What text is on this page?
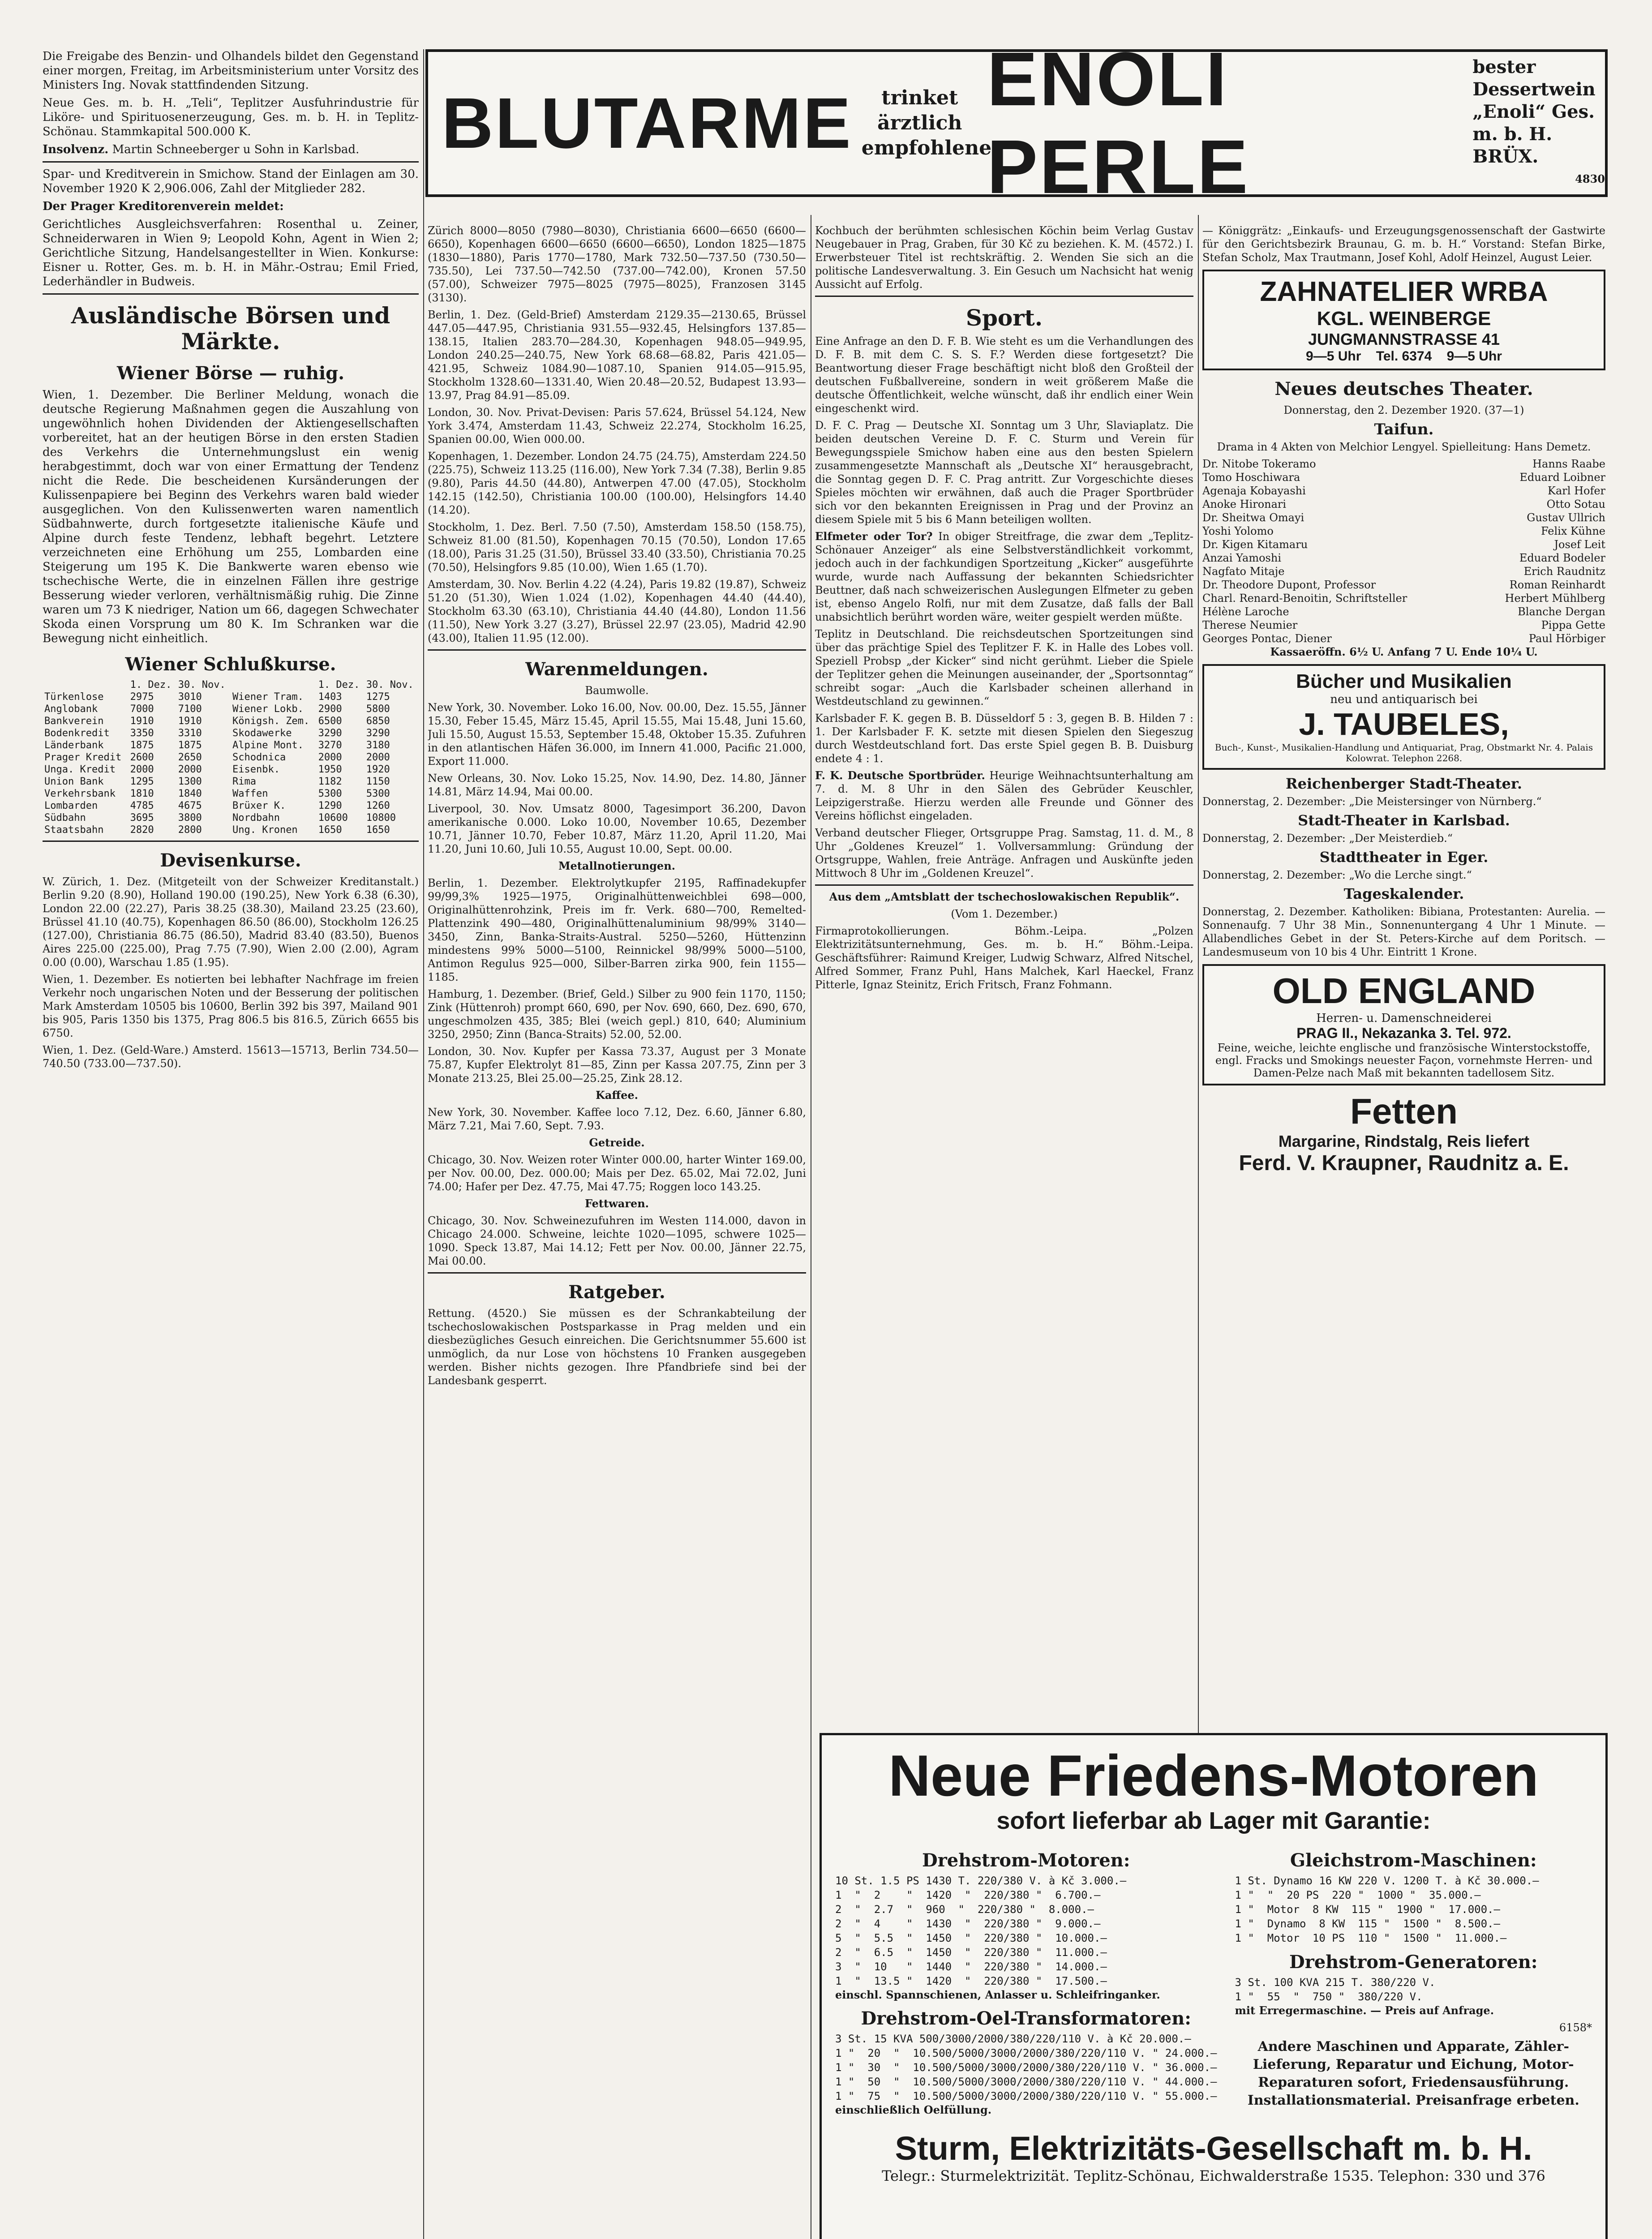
BLUTARME	trinket ärztlich empfohlene
ENOLI PERLE
bester Dessertwein „Enoli“ Ges. m. b. H. BRÜX.
4830

Die Freigabe des Benzin- und Olhandels bildet den Gegenstand einer morgen, Freitag, im Arbeitsministerium unter Vorsitz des Ministers Ing. Novak stattfindenden Sitzung.

Neue Ges. m. b. H. „Teli“, Teplitzer Ausfuhrindustrie für Liköre- und Spirituosenerzeugung, Ges. m. b. H. in Teplitz-Schönau. Stammkapital 500.000 K.

Insolvenz. Martin Schneeberger u Sohn in Karlsbad.

Spar- und Kreditverein in Smichow. Stand der Einlagen am 30. November 1920 K 2,906.006, Zahl der Mitglieder 282.

Der Prager Kreditorenverein meldet:

Gerichtliches Ausgleichsverfahren: Rosenthal u. Zeiner, Schneiderwaren in Wien 9; Leopold Kohn, Agent in Wien 2; Gerichtliche Sitzung, Handelsangestellter in Wien. Konkurse: Eisner u. Rotter, Ges. m. b. H. in Mähr.-Ostrau; Emil Fried, Lederhändler in Budweis.

Ausländische Börsen und Märkte.
Wiener Börse — ruhig.

Wien, 1. Dezember. Die Berliner Meldung, wonach die deutsche Regierung Maßnahmen gegen die Auszahlung von ungewöhnlich hohen Dividenden der Aktiengesellschaften vorbereitet, hat an der heutigen Börse in den ersten Stadien des Verkehrs die Unternehmungslust ein wenig herabgestimmt, doch war von einer Ermattung der Tendenz nicht die Rede. Die bescheidenen Kursänderungen der Kulissenpapiere bei Beginn des Verkehrs waren bald wieder ausgeglichen. Von den Kulissenwerten waren namentlich Südbahnwerte, durch fortgesetzte italienische Käufe und Alpine durch feste Tendenz, lebhaft begehrt. Letztere verzeichneten eine Erhöhung um 255, Lombarden eine Steigerung um 195 K. Die Bankwerte waren ebenso wie tschechische Werte, die in einzelnen Fällen ihre gestrige Besserung wieder verloren, verhältnismäßig ruhig. Die Zinne waren um 73 K niedriger, Nation um 66, dagegen Schwechater Skoda einen Vorsprung um 80 K. Im Schranken war die Bewegung nicht einheitlich.

Wiener Schlußkurse.
	1. Dez.	30. Nov.		1. Dez.	30. Nov.
Türkenlose	2975	3010	Wiener Tram.	1403	1275
Anglobank	7000	7100	Wiener Lokb.	2900	5800
Bankverein	1910	1910	Königsh. Zem.	6500	6850
Bodenkredit	3350	3310	Skodawerke	3290	3290
Länderbank	1875	1875	Alpine Mont.	3270	3180
Prager Kredit	2600	2650	Schodnica	2000	2000
Unga. Kredit	2000	2000	Eisenbk.	1950	1920
Union Bank	1295	1300	Rima	1182	1150
Verkehrsbank	1810	1840	Waffen	5300	5300
Lombarden	4785	4675	Brüxer K.	1290	1260
Südbahn	3695	3800	Nordbahn	10600	10800
Staatsbahn	2820	2800	Ung. Kronen	1650	1650
Devisenkurse.

W. Zürich, 1. Dez. (Mitgeteilt von der Schweizer Kreditanstalt.) Berlin 9.20 (8.90), Holland 190.00 (190.25), New York 6.38 (6.30), London 22.00 (22.27), Paris 38.25 (38.30), Mailand 23.25 (23.60), Brüssel 41.10 (40.75), Kopenhagen 86.50 (86.00), Stockholm 126.25 (127.00), Christiania 86.75 (86.50), Madrid 83.40 (83.50), Buenos Aires 225.00 (225.00), Prag 7.75 (7.90), Wien 2.00 (2.00), Agram 0.00 (0.00), Warschau 1.85 (1.95).

Wien, 1. Dezember. Es notierten bei lebhafter Nachfrage im freien Verkehr noch ungarischen Noten und der Besserung der politischen Mark Amsterdam 10505 bis 10600, Berlin 392 bis 397, Mailand 901 bis 905, Paris 1350 bis 1375, Prag 806.5 bis 816.5, Zürich 6655 bis 6750.

Wien, 1. Dez. (Geld-Ware.) Amsterd. 15613—15713, Berlin 734.50—740.50 (733.00—737.50).

Zürich 8000—8050 (7980—8030), Christiania 6600—6650 (6600—6650), Kopenhagen 6600—6650 (6600—6650), London 1825—1875 (1830—1880), Paris 1770—1780, Mark 732.50—737.50 (730.50—735.50), Lei 737.50—742.50 (737.00—742.00), Kronen 57.50 (57.00), Schweizer 7975—8025 (7975—8025), Franzosen 3145 (3130).

Berlin, 1. Dez. (Geld-Brief) Amsterdam 2129.35—2130.65, Brüssel 447.05—447.95, Christiania 931.55—932.45, Helsingfors 137.85—138.15, Italien 283.70—284.30, Kopenhagen 948.05—949.95, London 240.25—240.75, New York 68.68—68.82, Paris 421.05—421.95, Schweiz 1084.90—1087.10, Spanien 914.05—915.95, Stockholm 1328.60—1331.40, Wien 20.48—20.52, Budapest 13.93—13.97, Prag 84.91—85.09.

London, 30. Nov. Privat-Devisen: Paris 57.624, Brüssel 54.124, New York 3.474, Amsterdam 11.43, Schweiz 22.274, Stockholm 16.25, Spanien 00.00, Wien 000.00.

Kopenhagen, 1. Dezember. London 24.75 (24.75), Amsterdam 224.50 (225.75), Schweiz 113.25 (116.00), New York 7.34 (7.38), Berlin 9.85 (9.80), Paris 44.50 (44.80), Antwerpen 47.00 (47.05), Stockholm 142.15 (142.50), Christiania 100.00 (100.00), Helsingfors 14.40 (14.20).

Stockholm, 1. Dez. Berl. 7.50 (7.50), Amsterdam 158.50 (158.75), Schweiz 81.00 (81.50), Kopenhagen 70.15 (70.50), London 17.65 (18.00), Paris 31.25 (31.50), Brüssel 33.40 (33.50), Christiania 70.25 (70.50), Helsingfors 9.85 (10.00), Wien 1.65 (1.70).

Amsterdam, 30. Nov. Berlin 4.22 (4.24), Paris 19.82 (19.87), Schweiz 51.20 (51.30), Wien 1.024 (1.02), Kopenhagen 44.40 (44.40), Stockholm 63.30 (63.10), Christiania 44.40 (44.80), London 11.56 (11.50), New York 3.27 (3.27), Brüssel 22.97 (23.05), Madrid 42.90 (43.00), Italien 11.95 (12.00).

Warenmeldungen.
Baumwolle.

New York, 30. November. Loko 16.00, Nov. 00.00, Dez. 15.55, Jänner 15.30, Feber 15.45, März 15.45, April 15.55, Mai 15.48, Juni 15.60, Juli 15.50, August 15.53, September 15.48, Oktober 15.35. Zufuhren in den atlantischen Häfen 36.000, im Innern 41.000, Pacific 21.000, Export 11.000.

New Orleans, 30. Nov. Loko 15.25, Nov. 14.90, Dez. 14.80, Jänner 14.81, März 14.94, Mai 00.00.

Liverpool, 30. Nov. Umsatz 8000, Tagesimport 36.200, Davon amerikanische 0.000. Loko 10.00, November 10.65, Dezember 10.71, Jänner 10.70, Feber 10.87, März 11.20, April 11.20, Mai 11.20, Juni 10.60, Juli 10.55, August 10.00, Sept. 00.00.

Metallnotierungen.

Berlin, 1. Dezember. Elektrolytkupfer 2195, Raffinadekupfer 99/99,3% 1925—1975, Originalhüttenweichblei 698—000, Originalhüttenrohzink, Preis im fr. Verk. 680—700, Remelted-Plattenzink 490—480, Originalhüttenaluminium 98/99% 3140—3450, Zinn, Banka-Straits-Austral. 5250—5260, Hüttenzinn mindestens 99% 5000—5100, Reinnickel 98/99% 5000—5100, Antimon Regulus 925—000, Silber-Barren zirka 900, fein 1155—1185.

Hamburg, 1. Dezember. (Brief, Geld.) Silber zu 900 fein 1170, 1150; Zink (Hüttenroh) prompt 660, 690, per Nov. 690, 660, Dez. 690, 670, ungeschmolzen 435, 385; Blei (weich gepl.) 810, 640; Aluminium 3250, 2950; Zinn (Banca-Straits) 52.00, 52.00.

London, 30. Nov. Kupfer per Kassa 73.37, August per 3 Monate 75.87, Kupfer Elektrolyt 81—85, Zinn per Kassa 207.75, Zinn per 3 Monate 213.25, Blei 25.00—25.25, Zink 28.12.

Kaffee.

New York, 30. November. Kaffee loco 7.12, Dez. 6.60, Jänner 6.80, März 7.21, Mai 7.60, Sept. 7.93.

Getreide.

Chicago, 30. Nov. Weizen roter Winter 000.00, harter Winter 169.00, per Nov. 00.00, Dez. 000.00; Mais per Dez. 65.02, Mai 72.02, Juni 74.00; Hafer per Dez. 47.75, Mai 47.75; Roggen loco 143.25.

Fettwaren.

Chicago, 30. Nov. Schweinezufuhren im Westen 114.000, davon in Chicago 24.000. Schweine, leichte 1020—1095, schwere 1025—1090. Speck 13.87, Mai 14.12; Fett per Nov. 00.00, Jänner 22.75, Mai 00.00.

Ratgeber.

Rettung. (4520.) Sie müssen es der Schrankabteilung der tschechoslowakischen Postsparkasse in Prag melden und ein diesbezügliches Gesuch einreichen. Die Gerichtsnummer 55.600 ist unmöglich, da nur Lose von höchstens 10 Franken ausgegeben werden. Bisher nichts gezogen. Ihre Pfandbriefe sind bei der Landesbank gesperrt.

Kochbuch der berühmten schlesischen Köchin beim Verlag Gustav Neugebauer in Prag, Graben, für 30 Kč zu beziehen. K. M. (4572.) I. Erwerbsteuer Titel ist rechtskräftig. 2. Wenden Sie sich an die politische Landesverwaltung. 3. Ein Gesuch um Nachsicht hat wenig Aussicht auf Erfolg.

Sport.

Eine Anfrage an den D. F. B. Wie steht es um die Verhandlungen des D. F. B. mit dem C. S. S. F.? Werden diese fortgesetzt? Die Beantwortung dieser Frage beschäftigt nicht bloß den Großteil der deutschen Fußballvereine, sondern in weit größerem Maße die deutsche Öffentlichkeit, welche wünscht, daß ihr endlich einer Wein eingeschenkt wird.

D. F. C. Prag — Deutsche XI. Sonntag um 3 Uhr, Slaviaplatz. Die beiden deutschen Vereine D. F. C. Sturm und Verein für Bewegungsspiele Smichow haben eine aus den besten Spielern zusammengesetzte Mannschaft als „Deutsche XI“ herausgebracht, die Sonntag gegen D. F. C. Prag antritt. Zur Vorgeschichte dieses Spieles möchten wir erwähnen, daß auch die Prager Sportbrüder sich vor den bekannten Ereignissen in Prag und der Provinz an diesem Spiele mit 5 bis 6 Mann beteiligen wollten.

Elfmeter oder Tor? In obiger Streitfrage, die zwar dem „Teplitz-Schönauer Anzeiger“ als eine Selbstverständlichkeit vorkommt, jedoch auch in der fachkundigen Sportzeitung „Kicker“ ausgeführte wurde, wurde nach Auffassung der bekannten Schiedsrichter Beuttner, daß nach schweizerischen Auslegungen Elfmeter zu geben ist, ebenso Angelo Rolfi, nur mit dem Zusatze, daß falls der Ball unabsichtlich berührt worden wäre, weiter gespielt werden müßte.

Teplitz in Deutschland. Die reichsdeutschen Sportzeitungen sind über das prächtige Spiel des Teplitzer F. K. in Halle des Lobes voll. Speziell Probsp „der Kicker“ sind nicht gerühmt. Lieber die Spiele der Teplitzer gehen die Meinungen auseinander, der „Sportsonntag“ schreibt sogar: „Auch die Karlsbader scheinen allerhand in Westdeutschland zu gewinnen.“

Karlsbader F. K. gegen B. B. Düsseldorf 5 : 3, gegen B. B. Hilden 7 : 1. Der Karlsbader F. K. setzte mit diesen Spielen den Siegeszug durch Westdeutschland fort. Das erste Spiel gegen B. B. Duisburg endete 4 : 1.

F. K. Deutsche Sportbrüder. Heurige Weihnachtsunterhaltung am 7. d. M. 8 Uhr in den Sälen des Gebrüder Keuschler, Leipzigerstraße. Hierzu werden alle Freunde und Gönner des Vereins höflichst eingeladen.

Verband deutscher Flieger, Ortsgruppe Prag. Samstag, 11. d. M., 8 Uhr „Goldenes Kreuzel“ 1. Vollversammlung: Gründung der Ortsgruppe, Wahlen, freie Anträge. Anfragen und Auskünfte jeden Mittwoch 8 Uhr im „Goldenen Kreuzel“.

Aus dem „Amtsblatt der tschechoslowakischen Republik“.
(Vom 1. Dezember.)

Firmaprotokollierungen. Böhm.-Leipa. „Polzen Elektrizitätsunternehmung, Ges. m. b. H.“ Böhm.-Leipa. Geschäftsführer: Raimund Kreiger, Ludwig Schwarz, Alfred Nitschel, Alfred Sommer, Franz Puhl, Hans Malchek, Karl Haeckel, Franz Pitterle, Ignaz Steinitz, Erich Fritsch, Franz Fohmann.

— Königgrätz: „Einkaufs- und Erzeugungsgenossenschaft der Gastwirte für den Gerichtsbezirk Braunau, G. m. b. H.“ Vorstand: Stefan Birke, Stefan Scholz, Max Trautmann, Josef Kohl, Adolf Heinzel, August Leier.

ZAHNATELIER WRBA
KGL. WEINBERGE
JUNGMANNSTRASSE 41
9—5 Uhr    Tel. 6374    9—5 Uhr
Neues deutsches Theater.
Donnerstag, den 2. Dezember 1920. (37—1)
Taifun.
Drama in 4 Akten von Melchior Lengyel. Spielleitung: Hans Demetz.
Dr. Nitobe Tokeramo	Hanns Raabe
Tomo Hoschiwara	Eduard Loibner
Agenaja Kobayashi	Karl Hofer
Anoke Hironari	Otto Sotau
Dr. Sheitwa Omayi	Gustav Ullrich
Yoshi Yolomo	Felix Kühne
Dr. Kigen Kitamaru	Josef Leit
Anzai Yamoshi	Eduard Bodeler
Nagfato Mitaje	Erich Raudnitz
Dr. Theodore Dupont, Professor	Roman Reinhardt
Charl. Renard-Benoitin, Schriftsteller	Herbert Mühlberg
Hélène Laroche	Blanche Dergan
Therese Neumier	Pippa Gette
Georges Pontac, Diener	Paul Hörbiger
Kassaeröffn. 6½ U. Anfang 7 U. Ende 10¼ U.
Bücher und Musikalien
neu und antiquarisch bei
J. TAUBELES,
Buch-, Kunst-, Musikalien-Handlung und Antiquariat, Prag, Obstmarkt Nr. 4. Palais Kolowrat. Telephon 2268.
Reichenberger Stadt-Theater.
Donnerstag, 2. Dezember: „Die Meistersinger von Nürnberg.“
Stadt-Theater in Karlsbad.
Donnerstag, 2. Dezember: „Der Meisterdieb.“
Stadttheater in Eger.
Donnerstag, 2. Dezember: „Wo die Lerche singt.“
Tageskalender.

Donnerstag, 2. Dezember. Katholiken: Bibiana, Protestanten: Aurelia. — Sonnenaufg. 7 Uhr 38 Min., Sonnenuntergang 4 Uhr 1 Minute. — Allabendliches Gebet in der St. Peters-Kirche auf dem Poritsch. — Landesmuseum von 10 bis 4 Uhr. Eintritt 1 Krone.

OLD ENGLAND
Herren- u. Damenschneiderei
PRAG II., Nekazanka 3. Tel. 972.
Feine, weiche, leichte englische und französische Winterstockstoffe, engl. Fracks und Smokings neuester Façon, vornehmste Herren- und Damen-Pelze nach Maß mit bekannten tadellosem Sitz.
Fetten
Margarine, Rindstalg, Reis liefert
Ferd. V. Kraupner, Raudnitz a. E.
Neue Friedens-Motoren
sofort lieferbar ab Lager mit Garantie:
Drehstrom-Motoren:
10 St. 1.5 PS 1430 T. 220/380 V. à Kč 3.000.—
1  "  2    "  1420  "  220/380 "  6.700.—
2  "  2.7  "  960  "  220/380 "  8.000.—
2  "  4    "  1430  "  220/380 "  9.000.—
5  "  5.5  "  1450  "  220/380 "  10.000.—
2  "  6.5  "  1450  "  220/380 "  11.000.—
3  "  10   "  1440  "  220/380 "  14.000.—
1  "  13.5 "  1420  "  220/380 "  17.500.—
einschl. Spannschienen, Anlasser u. Schleifringanker.
Drehstrom-Oel-Transformatoren:
3 St. 15 KVA 500/3000/2000/380/220/110 V. à Kč 20.000.—
1 "  20  "  10.500/5000/3000/2000/380/220/110 V. " 24.000.—
1 "  30  "  10.500/5000/3000/2000/380/220/110 V. " 36.000.—
1 "  50  "  10.500/5000/3000/2000/380/220/110 V. " 44.000.—
1 "  75  "  10.500/5000/3000/2000/380/220/110 V. " 55.000.—
einschließlich Oelfüllung.
Gleichstrom-Maschinen:
1 St. Dynamo 16 KW 220 V. 1200 T. à Kč 30.000.—
1 "  "  20 PS  220 "  1000 "  35.000.—
1 "  Motor  8 KW  115 "  1900 "  17.000.—
1 "  Dynamo  8 KW  115 "  1500 "  8.500.—
1 "  Motor  10 PS  110 "  1500 "  11.000.—
Drehstrom-Generatoren:
3 St. 100 KVA 215 T. 380/220 V.
1 "  55  "  750 "  380/220 V.
mit Erregermaschine. — Preis auf Anfrage.
6158*
Andere Maschinen und Apparate, Zähler-Lieferung, Reparatur und Eichung, Motor-Reparaturen sofort, Friedensausführung. Installationsmaterial. Preisanfrage erbeten.
Sturm, Elektrizitäts-Gesellschaft m. b. H.
Telegr.: Sturmelektrizität. Teplitz-Schönau, Eichwalderstraße 1535. Telephon: 330 und 376
